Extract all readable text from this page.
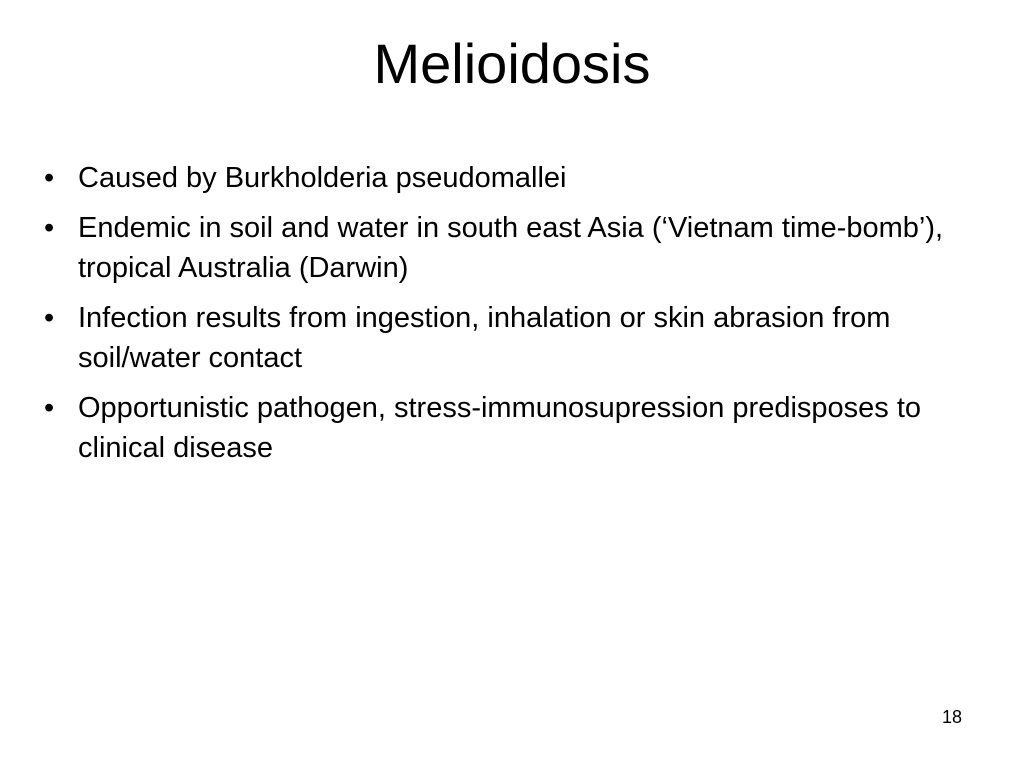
Melioidosis
• Caused by Burkholderia pseudomallei
• Endemic in soil and water in south east Asia (‘Vietnam time-bomb’), tropical Australia (Darwin)
• Infection results from ingestion, inhalation or skin abrasion from soil/water contact
• Opportunistic pathogen, stress-immunosupression predisposes to clinical disease
18
